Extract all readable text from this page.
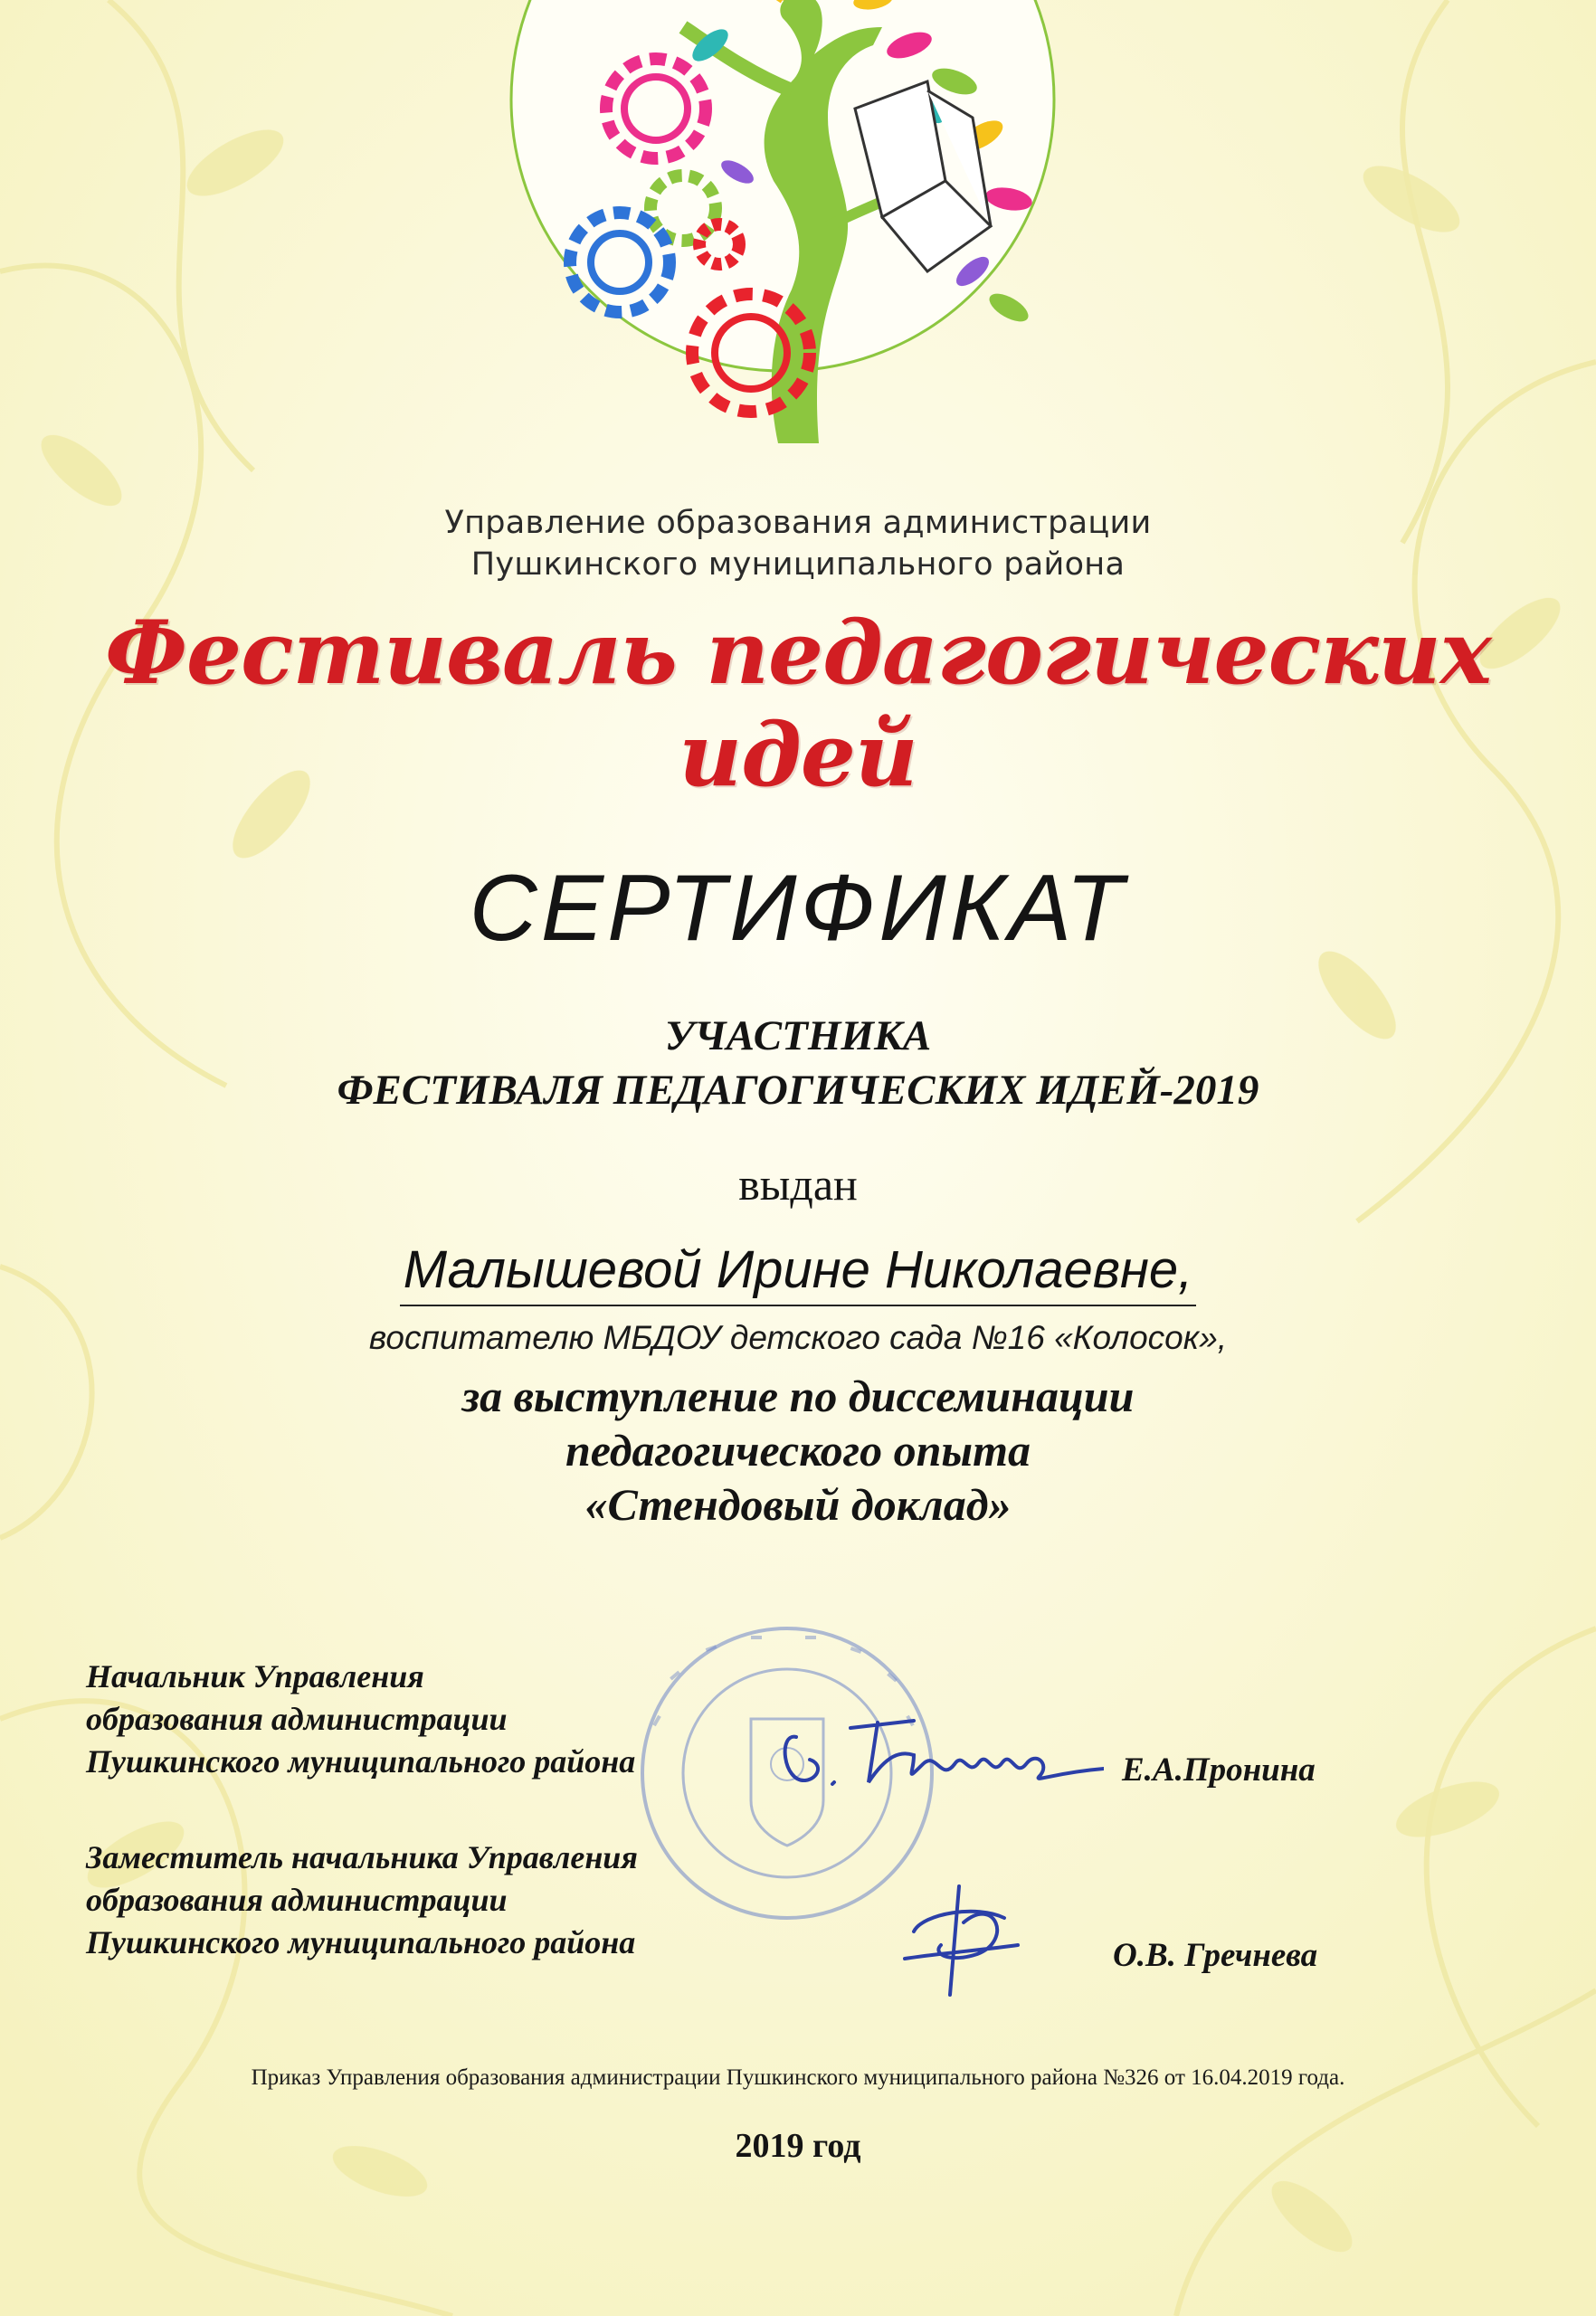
Управление образования администрации
Пушкинского муниципального района
Фестиваль педагогических идей
СЕРТИФИКАТ
УЧАСТНИКА
ФЕСТИВАЛЯ ПЕДАГОГИЧЕСКИХ ИДЕЙ-2019
выдан
Малышевой Ирине Николаевне,
воспитателю МБДОУ детского сада №16 «Колосок»,
за выступление по диссеминации
педагогического опыта
«Стендовый доклад»
Начальник Управления
образования администрации
Пушкинского муниципального района	Е.А.Пронина
Заместитель начальника Управления
образования администрации
Пушкинского муниципального района	О.В. Гречнева
Приказ Управления образования администрации Пушкинского муниципального района №326 от 16.04.2019 года.
2019 год
